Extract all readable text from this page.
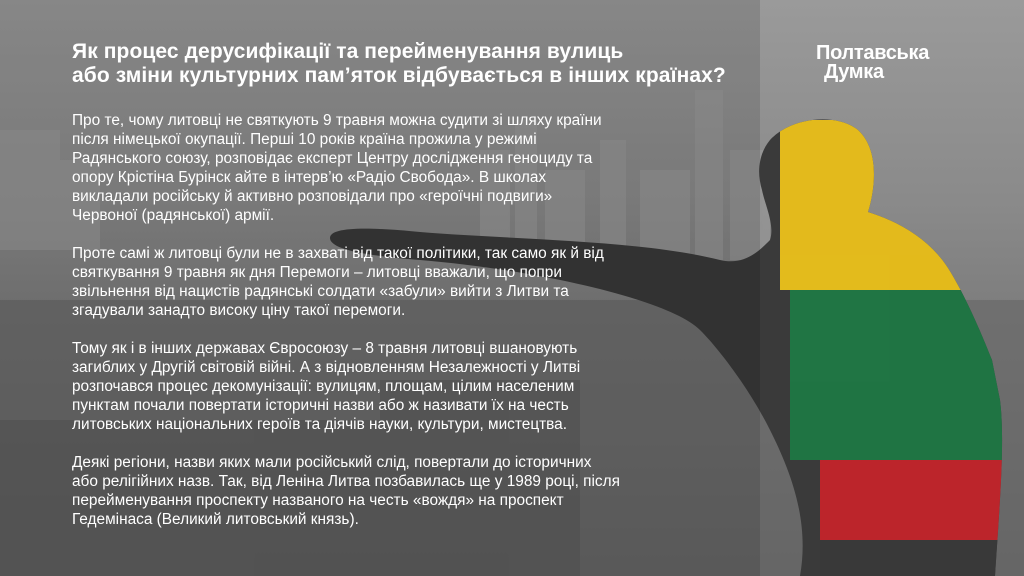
Як процес дерусифікації та перейменування вулиць
або зміни культурних пам’яток відбувається в інших країнах?
Полтавська
Думка
Про те, чому литовці не святкують 9 травня можна судити зі шляху країни
після німецької окупації. Перші 10 років країна прожила у режимі
Радянського союзу, розповідає експерт Центру дослідження геноциду та
опору Крістіна Бурінск айте в інтерв’ю «Радіо Свобода». В школах
викладали російську й активно розповідали про «героїчні подвиги»
Червоної (радянської) армії.
Проте самі ж литовці були не в захваті від такої політики, так само як й від
святкування 9 травня як дня Перемоги – литовці вважали, що попри
звільнення від нацистів радянські солдати «забули» вийти з Литви та
згадували занадто високу ціну такої перемоги.
Тому як і в інших державах Євросоюзу – 8 травня литовці вшановують
загиблих у Другій світовій війні. А з відновленням Незалежності у Литві
розпочався процес декомунізації: вулицям, площам, цілим населеним
пунктам почали повертати історичні назви або ж називати їх на честь
литовських національних героїв та діячів науки, культури, мистецтва.
Деякі регіони, назви яких мали російський слід, повертали до історичних
або релігійних назв. Так, від Леніна Литва позбавилась ще у 1989 році, після
перейменування проспекту названого на честь «вождя» на проспект
Гедемінаса (Великий литовський князь).
